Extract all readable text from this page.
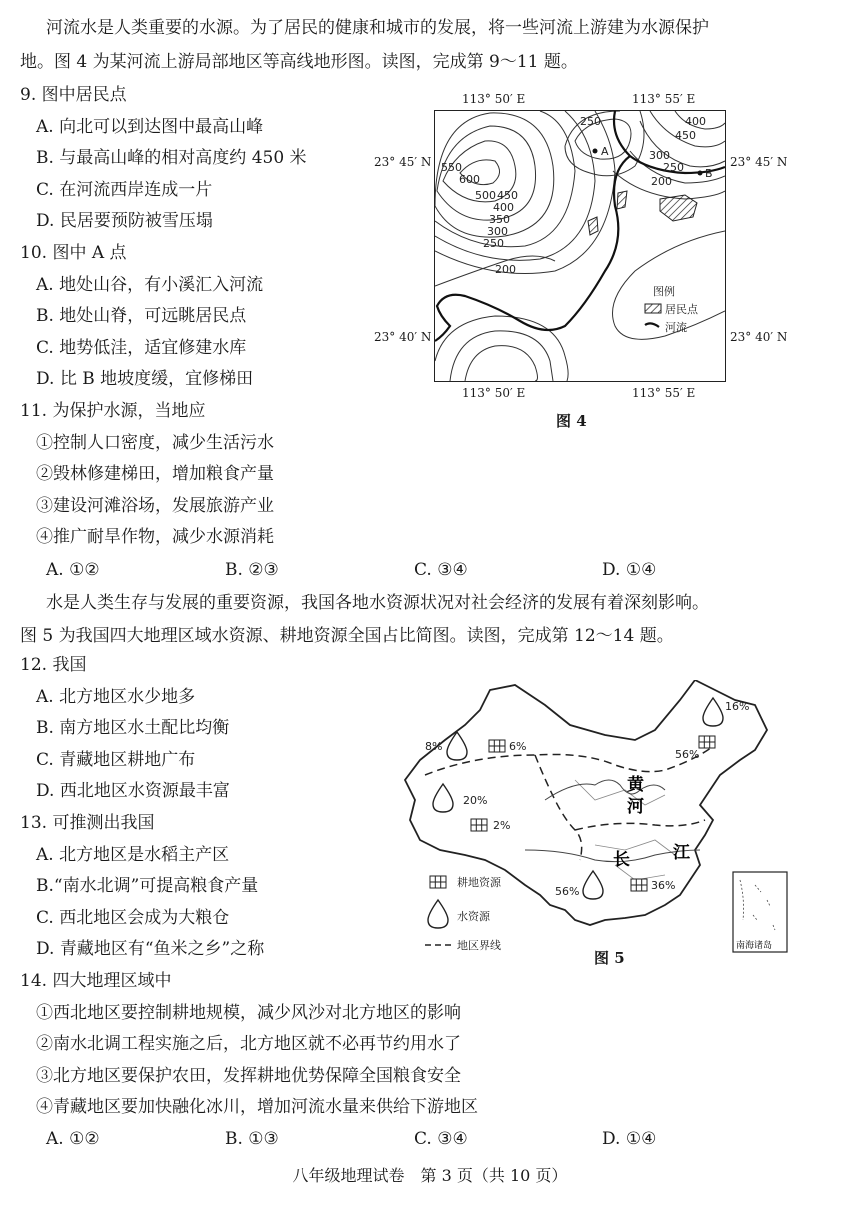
河流水是人类重要的水源。为了居民的健康和城市的发展，将一些河流上游建为水源保护
地。图 4 为某河流上游局部地区等高线地形图。读图，完成第 9～11 题。
9. 图中居民点
A. 向北可以到达图中最高山峰
B. 与最高山峰的相对高度约 450 米
C. 在河流西岸连成一片
D. 民居要预防被雪压塌
10. 图中 A 点
A. 地处山谷，有小溪汇入河流
B. 地处山脊，可远眺居民点
C. 地势低洼，适宜修建水库
D. 比 B 地坡度缓，宜修梯田
11. 为保护水源，当地应
①控制人口密度，减少生活污水
②毁林修建梯田，增加粮食产量
③建设河滩浴场，发展旅游产业
④推广耐旱作物，减少水源消耗
A. ①②	B. ②③	C. ③④	D. ①④
113° 50′ E	113° 55′ E
23° 45′ N	23° 45′ N
23° 40′ N	23° 40′ N
113° 50′ E	113° 55′ E
A
B
250	400
450
300
250
200
550
600
500 450
400
350
300
250
200
图例
居民点
河流
图 4
水是人类生存与发展的重要资源，我国各地水资源状况对社会经济的发展有着深刻影响。
图 5 为我国四大地理区域水资源、耕地资源全国占比简图。读图，完成第 12～14 题。
12. 我国
A. 北方地区水少地多
B. 南方地区水土配比均衡
C. 青藏地区耕地广布
D. 西北地区水资源最丰富
13. 可推测出我国
A. 北方地区是水稻主产区
B.“南水北调”可提高粮食产量
C. 西北地区会成为大粮仓
D. 青藏地区有“鱼米之乡”之称
8%	6%
16%
56%
20%
2%
56%	36%
黄
河
长	江
耕地资源
水资源
地区界线	南海诸岛
图 5
14. 四大地理区域中
①西北地区要控制耕地规模，减少风沙对北方地区的影响
②南水北调工程实施之后，北方地区就不必再节约用水了
③北方地区要保护农田，发挥耕地优势保障全国粮食安全
④青藏地区要加快融化冰川，增加河流水量来供给下游地区
A. ①②	B. ①③	C. ③④	D. ①④
八年级地理试卷　第 3 页（共 10 页）
